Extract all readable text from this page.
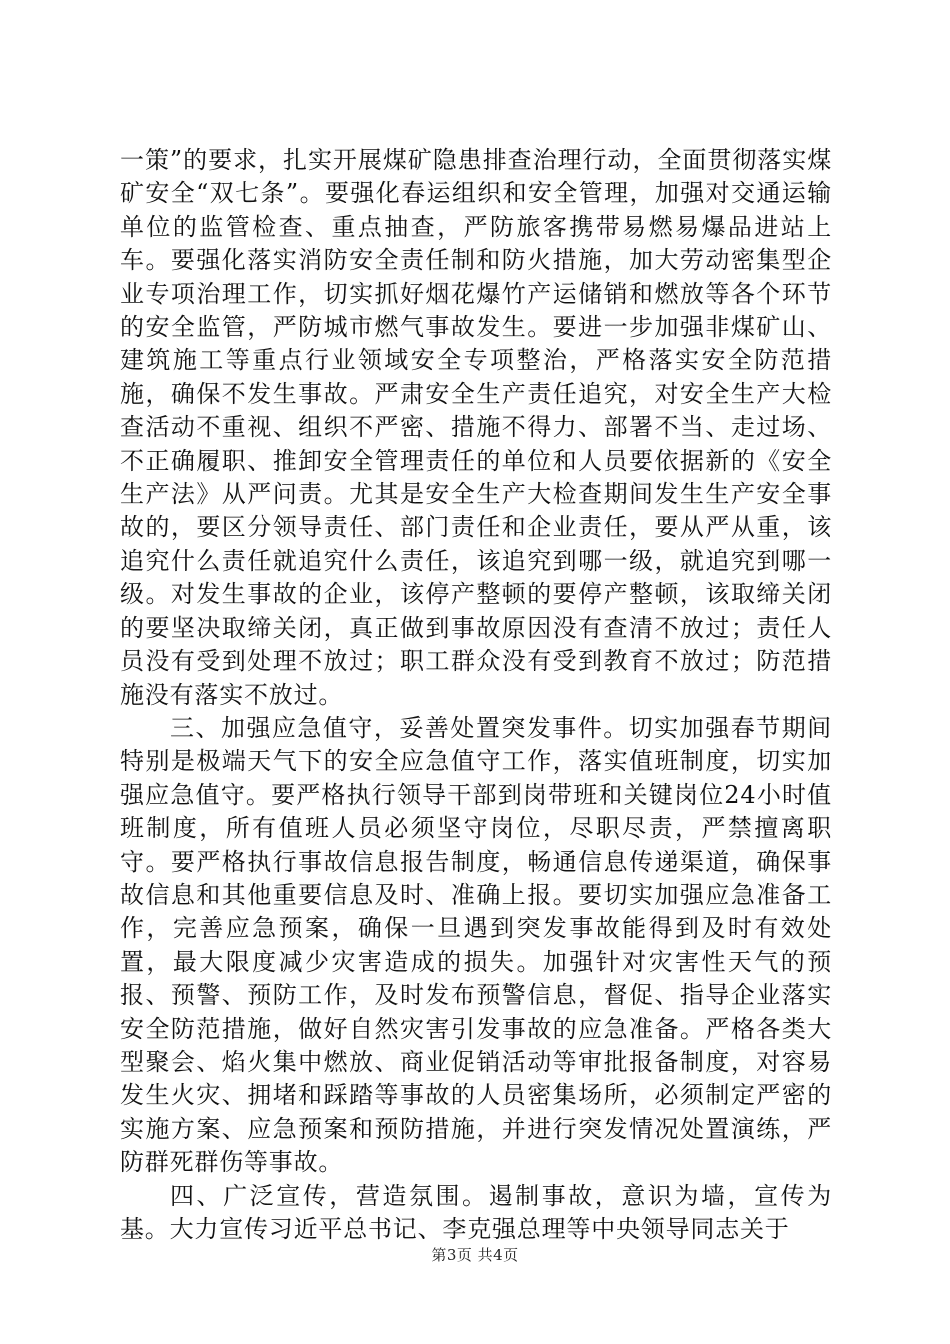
一策”的要求，扎实开展煤矿隐患排查治理行动，全面贯彻落实煤矿安全“双七条”。要强化春运组织和安全管理，加强对交通运输单位的监管检查、重点抽查，严防旅客携带易燃易爆品进站上车。要强化落实消防安全责任制和防火措施，加大劳动密集型企业专项治理工作，切实抓好烟花爆竹产运储销和燃放等各个环节的安全监管，严防城市燃气事故发生。要进一步加强非煤矿山、建筑施工等重点行业领域安全专项整治，严格落实安全防范措施，确保不发生事故。严肃安全生产责任追究，对安全生产大检查活动不重视、组织不严密、措施不得力、部署不当、走过场、不正确履职、推卸安全管理责任的单位和人员要依据新的《安全生产法》从严问责。尤其是安全生产大检查期间发生生产安全事故的，要区分领导责任、部门责任和企业责任，要从严从重，该追究什么责任就追究什么责任，该追究到哪一级，就追究到哪一级。对发生事故的企业，该停产整顿的要停产整顿，该取缔关闭的要坚决取缔关闭，真正做到事故原因没有查清不放过；责任人员没有受到处理不放过；职工群众没有受到教育不放过；防范措施没有落实不放过。

三、加强应急值守，妥善处置突发事件。切实加强春节期间特别是极端天气下的安全应急值守工作，落实值班制度，切实加强应急值守。要严格执行领导干部到岗带班和关键岗位24小时值班制度，所有值班人员必须坚守岗位，尽职尽责，严禁擅离职守。要严格执行事故信息报告制度，畅通信息传递渠道，确保事故信息和其他重要信息及时、准确上报。要切实加强应急准备工作，完善应急预案，确保一旦遇到突发事故能得到及时有效处置，最大限度减少灾害造成的损失。加强针对灾害性天气的预报、预警、预防工作，及时发布预警信息，督促、指导企业落实安全防范措施，做好自然灾害引发事故的应急准备。严格各类大型聚会、焰火集中燃放、商业促销活动等审批报备制度，对容易发生火灾、拥堵和踩踏等事故的人员密集场所，必须制定严密的实施方案、应急预案和预防措施，并进行突发情况处置演练，严防群死群伤等事故。

四、广泛宣传，营造氛围。遏制事故，意识为墙，宣传为基。大力宣传习近平总书记、李克强总理等中央领导同志关于

第3页 共4页
